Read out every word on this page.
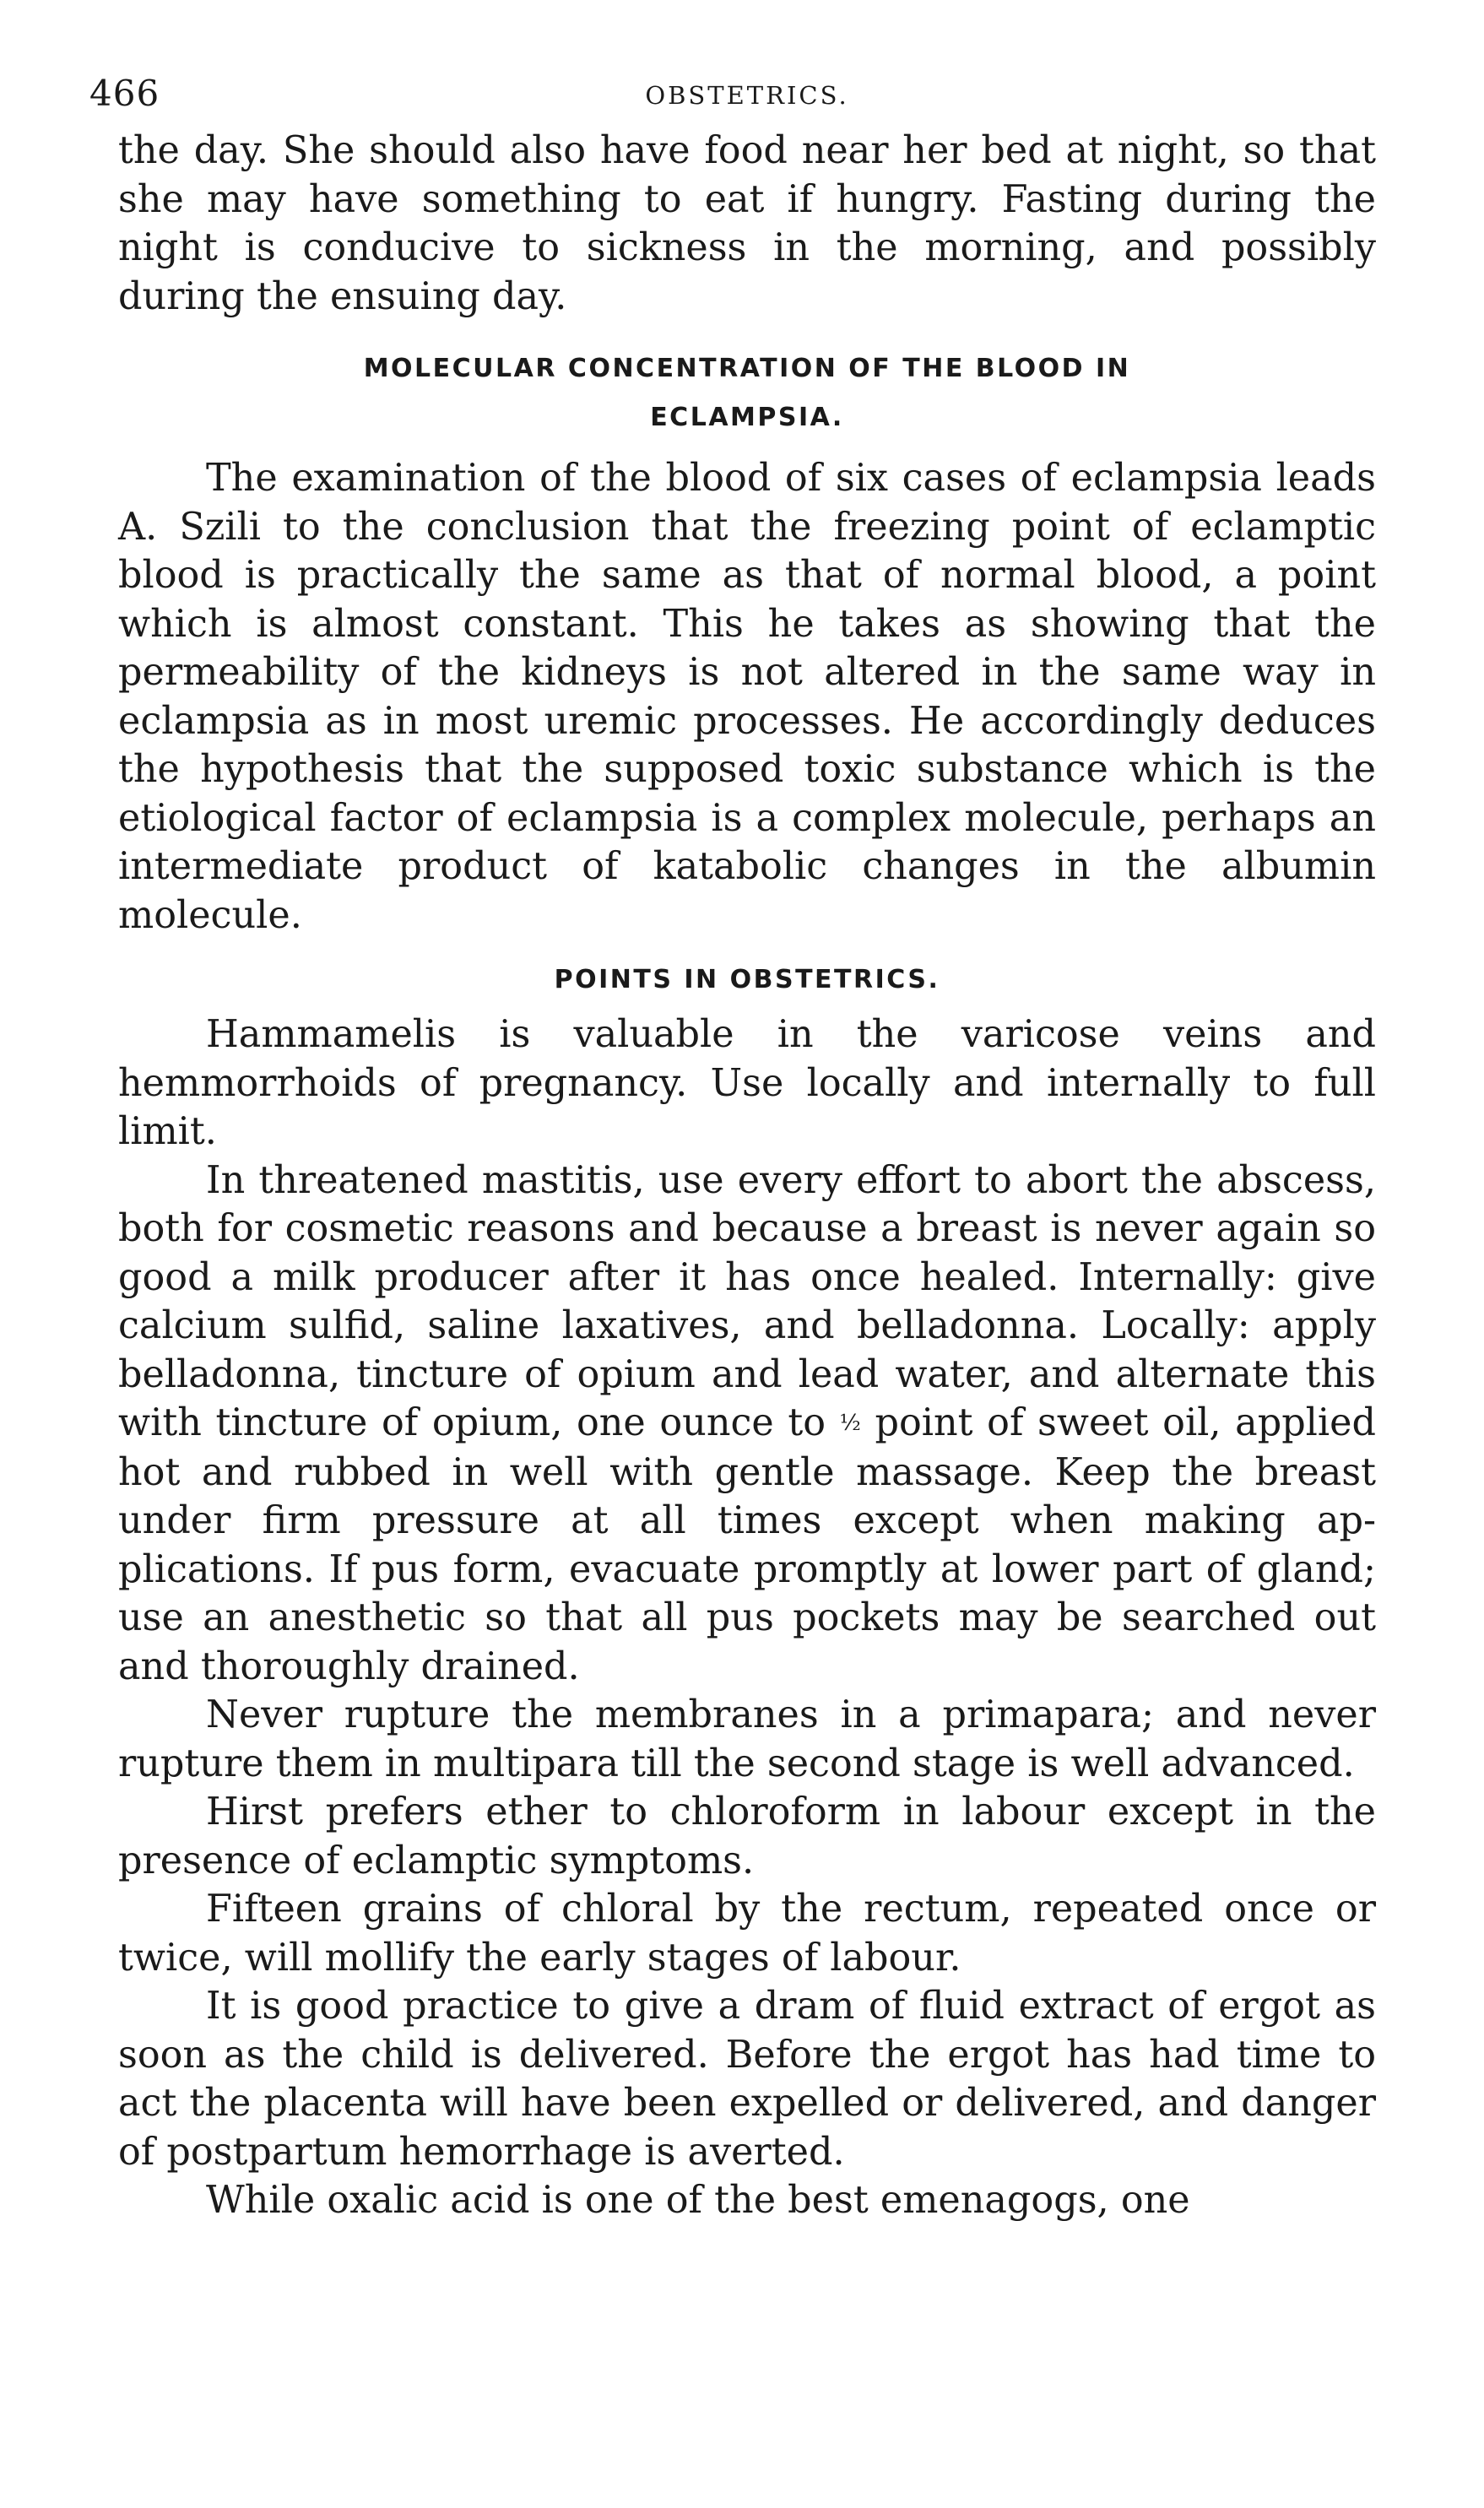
466	OBSTETRICS.

the day. She should also have food near her bed at night, so that she may have something to eat if hungry. Fasting during the night is conducive to sickness in the morning, and possibly during the ensuing day.

MOLECULAR CONCENTRATION OF THE BLOOD IN
ECLAMPSIA.

The examination of the blood of six cases of eclampsia leads A. Szili to the conclusion that the freezing point of eclamptic blood is practically the same as that of normal blood, a point which is almost constant. This he takes as showing that the permeability of the kidneys is not altered in the same way in eclampsia as in most uremic processes. He accordingly deduces the hypothesis that the supposed toxic substance which is the etiological factor of eclampsia is a complex molecule, perhaps an intermediate product of katabolic changes in the albumin molecule.

POINTS IN OBSTETRICS.

Hammamelis is valuable in the varicose veins and hemmorrhoids of pregnancy. Use locally and internally to full limit.

In threatened mastitis, use every effort to abort the abscess, both for cosmetic reasons and because a breast is never again so good a milk producer after it has once healed. Internally: give calcium sulfid, saline laxatives, and belladonna. Locally: apply belladonna, tincture of opium and lead water, and alternate this with tincture of opium, one ounce to ½ point of sweet oil, applied hot and rubbed in well with gentle massage. Keep the breast under firm pressure at all times except when making applications. If pus form, evacuate promptly at lower part of gland; use an anesthetic so that all pus pockets may be searched out and thoroughly drained.

Never rupture the membranes in a primapara; and never rupture them in multipara till the second stage is well advanced.

Hirst prefers ether to chloroform in labour except in the presence of eclamptic symptoms.

Fifteen grains of chloral by the rectum, repeated once or twice, will mollify the early stages of labour.

It is good practice to give a dram of fluid extract of ergot as soon as the child is delivered. Before the ergot has had time to act the placenta will have been expelled or delivered, and danger of postpartum hemorrhage is averted.

While oxalic acid is one of the best emenagogs, one
